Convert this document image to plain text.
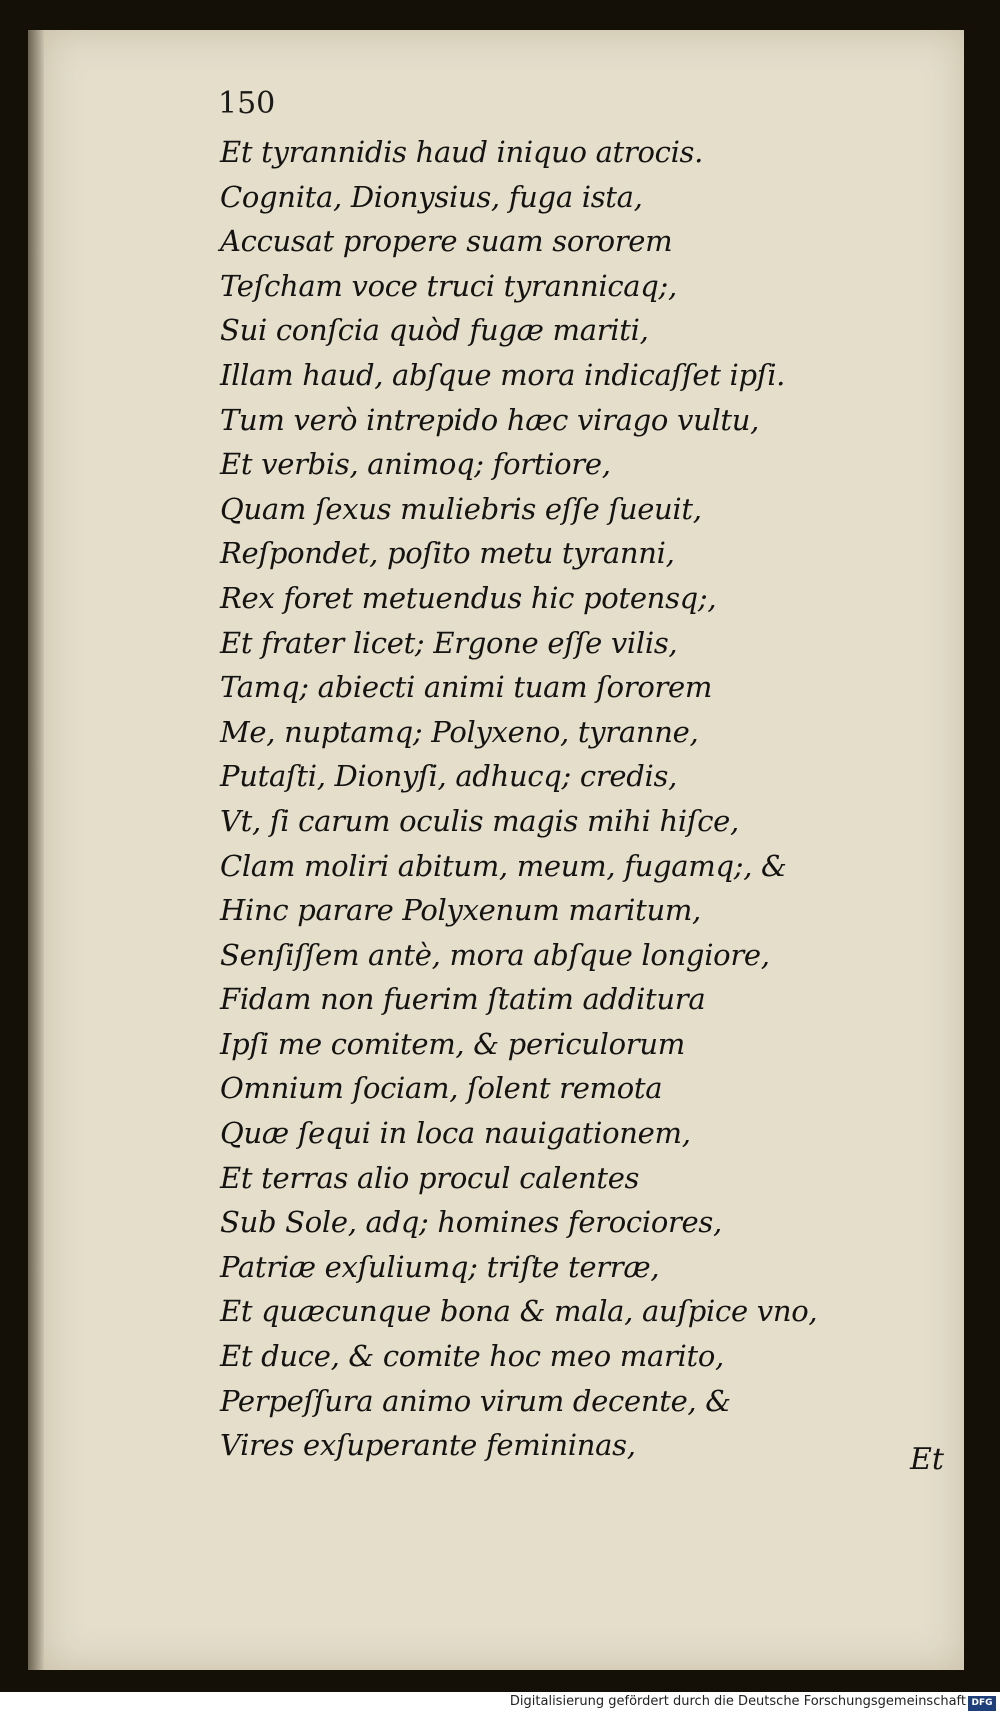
150
Et tyrannidis haud iniquo atrocis.
Cognita, Dionysius, fuga ista,
Accusat propere suam sororem
Teſcham voce truci tyrannicaq;,
Sui conſcia quòd fugæ mariti,
Illam haud, abſque mora indicaſſet ipſi.
Tum verò intrepido hæc virago vultu,
Et verbis, animoq; fortiore,
Quam ſexus muliebris eſſe ſueuit,
Reſpondet, poſito metu tyranni,
Rex foret metuendus hic potensq;,
Et frater licet; Ergone eſſe vilis,
Tamq; abiecti animi tuam ſororem
Me, nuptamq; Polyxeno, tyranne,
Putaſti, Dionyſi, adhucq; credis,
Vt, ſi carum oculis magis mihi hiſce,
Clam moliri abitum, meum, fugamq;, &
Hinc parare Polyxenum maritum,
Senſiſſem antè, mora abſque longiore,
Fidam non fuerim ſtatim additura
Ipſi me comitem, & periculorum
Omnium ſociam, ſolent remota
Quæ ſequi in loca nauigationem,
Et terras alio procul calentes
Sub Sole, adq; homines ferociores,
Patriæ exſuliumq; triſte terræ,
Et quæcunque bona & mala, auſpice vno,
Et duce, & comite hoc meo marito,
Perpeſſura animo virum decente, &
Vires exſuperante femininas,	Et
Digitalisierung gefördert durch die Deutsche Forschungsgemeinschaft DFG
